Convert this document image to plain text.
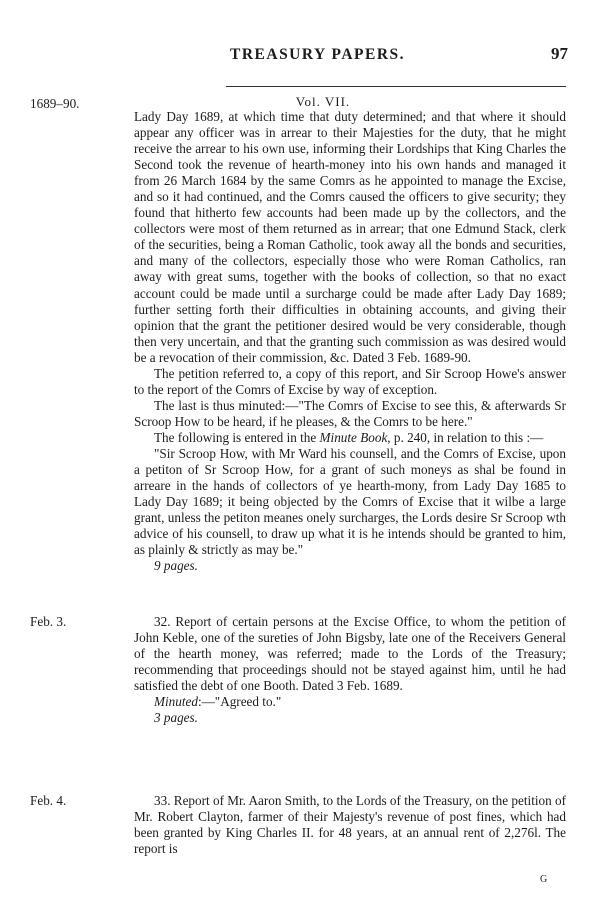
TREASURY PAPERS.	97
Vol. VII.
1689–90.

Lady Day 1689, at which time that duty determined; and that where it should appear any officer was in arrear to their Majesties for the duty, that he might receive the arrear to his own use, informing their Lordships that King Charles the Second took the revenue of hearth-money into his own hands and managed it from 26 March 1684 by the same Comrs as he appointed to manage the Excise, and so it had continued, and the Comrs caused the officers to give security; they found that hitherto few accounts had been made up by the collectors, and the collectors were most of them returned as in arrear; that one Edmund Stack, clerk of the securities, being a Roman Catholic, took away all the bonds and securities, and many of the collectors, especially those who were Roman Catholics, ran away with great sums, together with the books of collection, so that no exact account could be made until a surcharge could be made after Lady Day 1689; further setting forth their difficulties in obtaining accounts, and giving their opinion that the grant the petitioner desired would be very considerable, though then very uncertain, and that the granting such commission as was desired would be a revocation of their commission, &c. Dated 3 Feb. 1689-90.

The petition referred to, a copy of this report, and Sir Scroop Howe's answer to the report of the Comrs of Excise by way of exception.

The last is thus minuted:—"The Comrs of Excise to see this, & afterwards Sr Scroop How to be heard, if he pleases, & the Comrs to be here."

The following is entered in the Minute Book, p. 240, in relation to this :—

"Sir Scroop How, with Mr Ward his counsell, and the Comrs of Excise, upon a petiton of Sr Scroop How, for a grant of such moneys as shal be found in arreare in the hands of collectors of ye hearth-mony, from Lady Day 1685 to Lady Day 1689; it being objected by the Comrs of Excise that it wilbe a large grant, unless the petiton meanes onely surcharges, the Lords desire Sr Scroop wth advice of his counsell, to draw up what it is he intends should be granted to him, as plainly & strictly as may be."

9 pages.

Feb. 3.	32. Report of certain persons at the Excise Office, to whom the petition of John Keble, one of the sureties of John Bigsby, late one of the Receivers General of the hearth money, was referred; made to the Lords of the Treasury; recommending that proceedings should not be stayed against him, until he had satisfied the debt of one Booth. Dated 3 Feb. 1689.

Minuted:—"Agreed to."

3 pages.

Feb. 4.	33. Report of Mr. Aaron Smith, to the Lords of the Treasury, on the petition of Mr. Robert Clayton, farmer of their Majesty's revenue of post fines, which had been granted by King Charles II. for 48 years, at an annual rent of 2,276l. The report is

G
